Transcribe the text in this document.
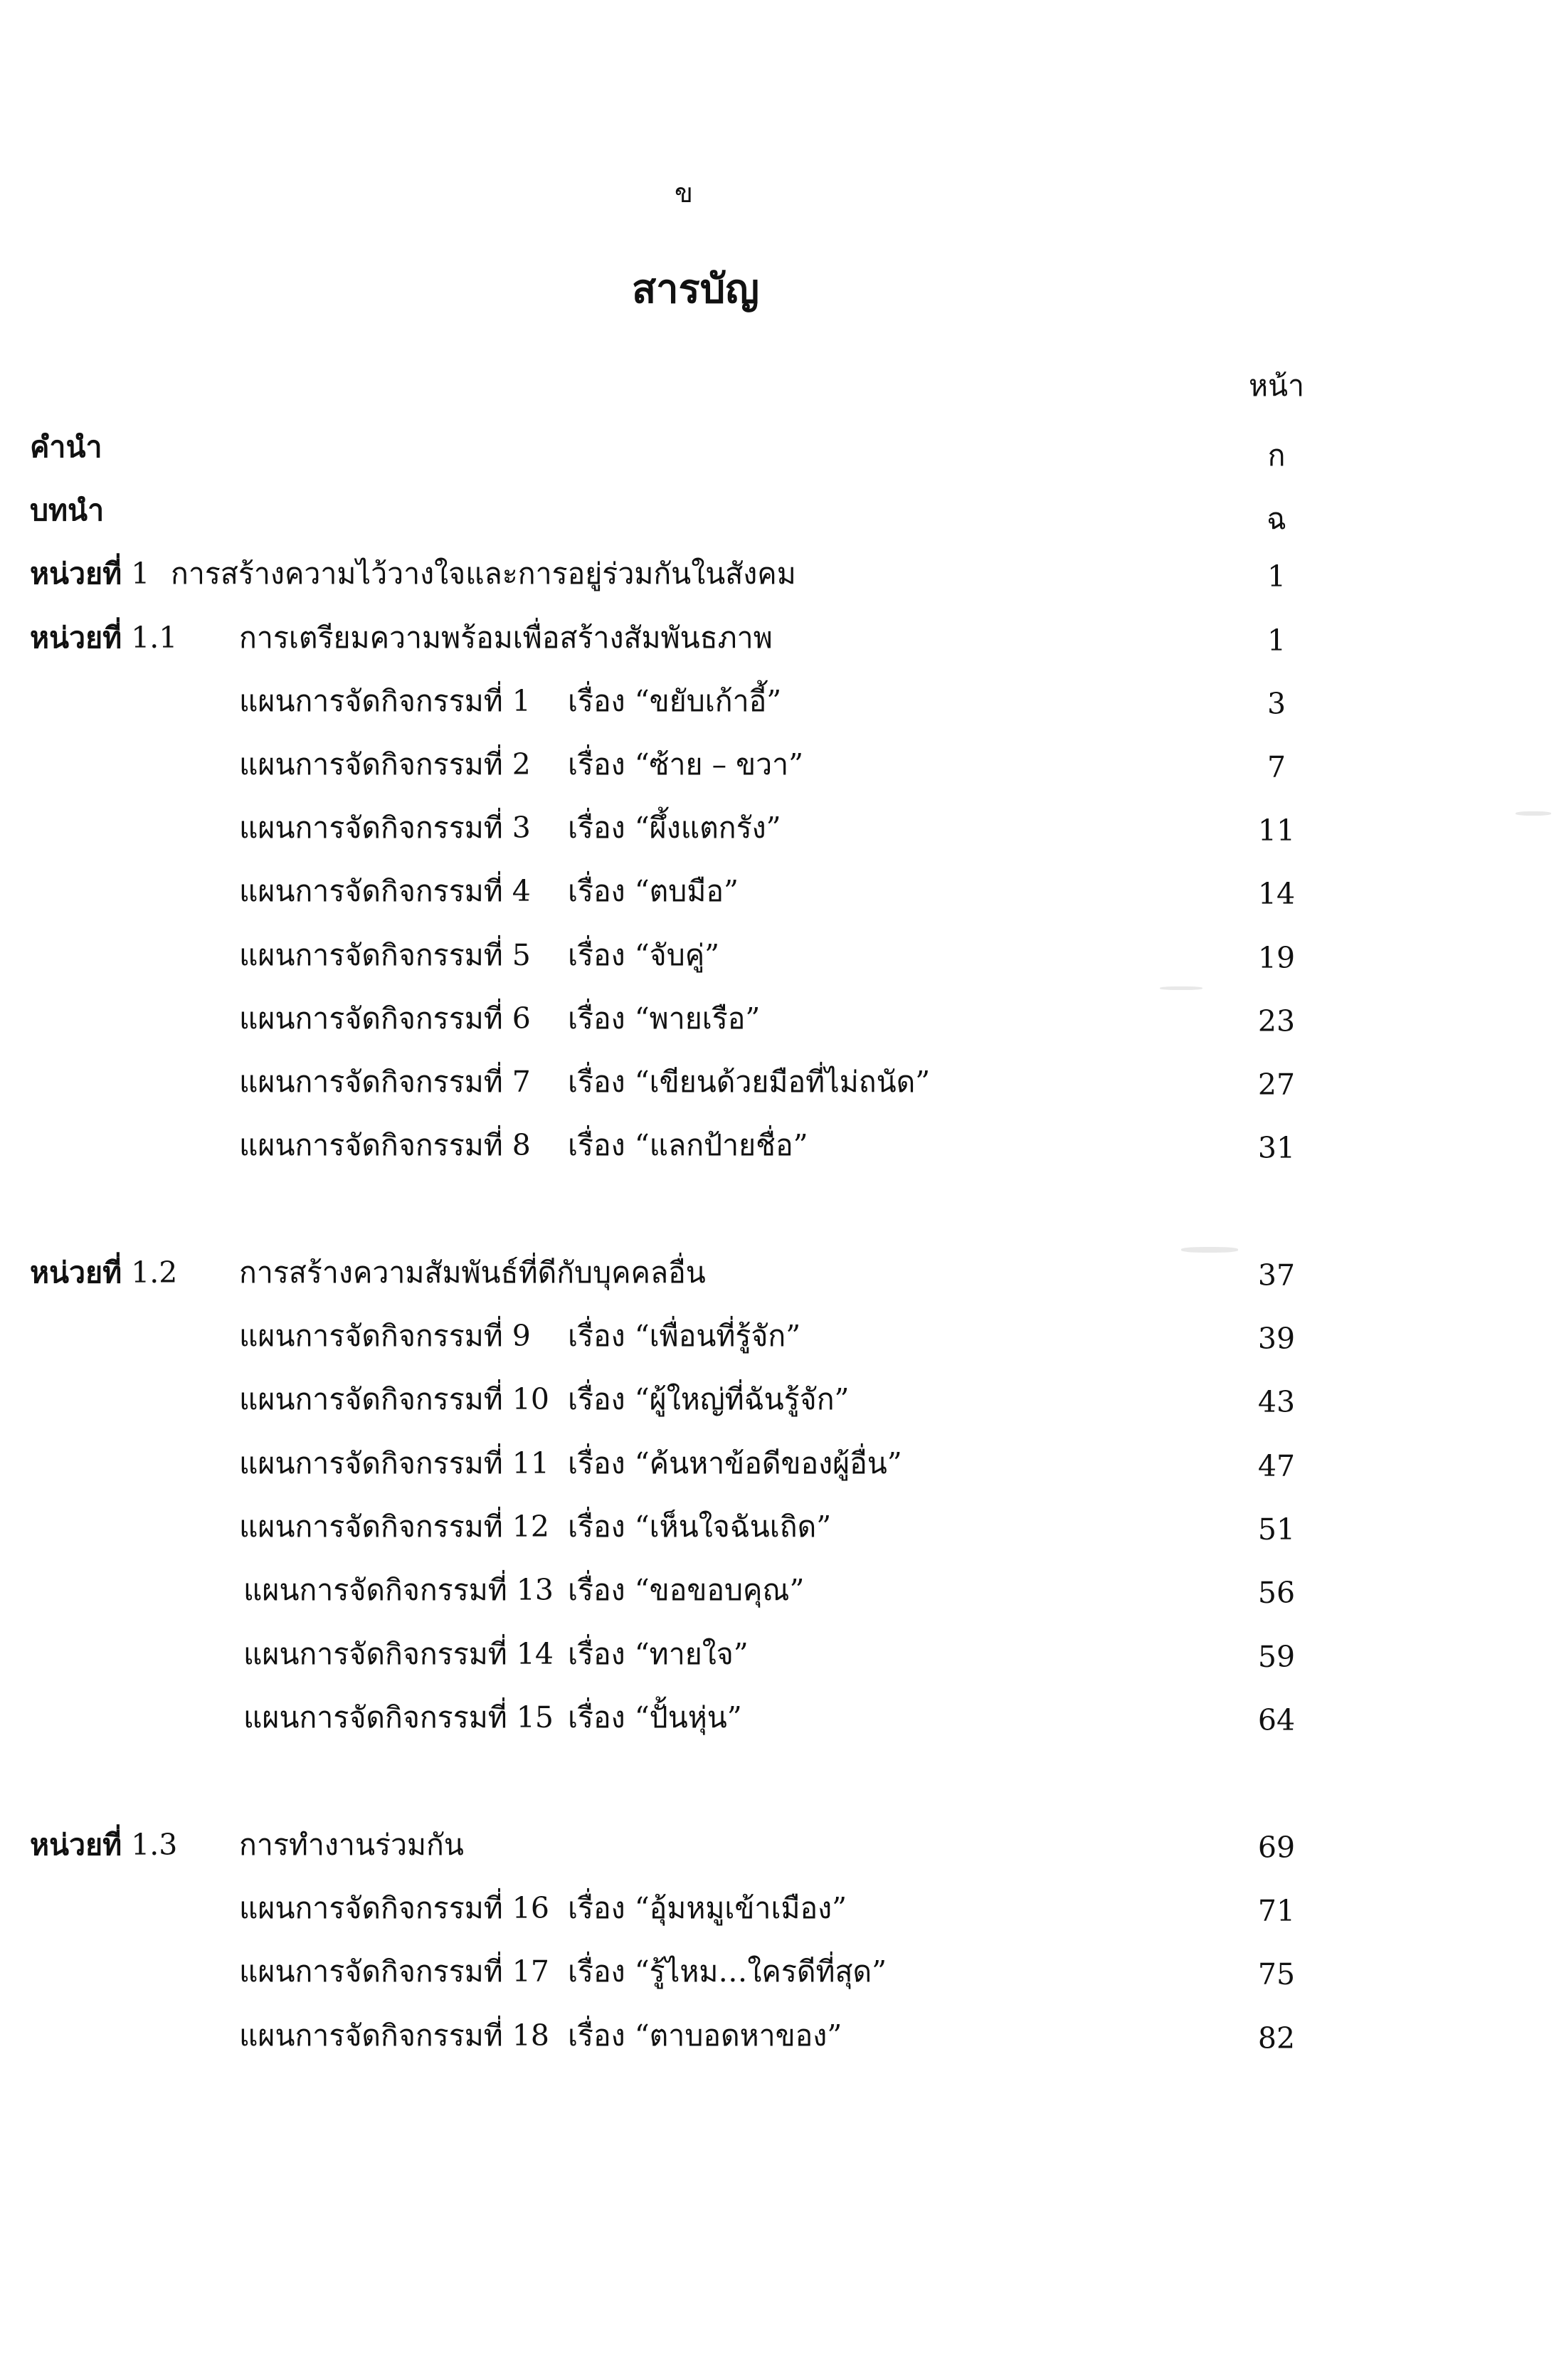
ข
สารบัญ
หน้า
คำนำ	ก
บทนำ	ฉ
หน่วยที่ 1 การสร้างความไว้วางใจและการอยู่ร่วมกันในสังคม	1
หน่วยที่ 1.1 การเตรียมความพร้อมเพื่อสร้างสัมพันธภาพ	1
แผนการจัดกิจกรรมที่ 1 เรื่อง “ขยับเก้าอี้”	3
แผนการจัดกิจกรรมที่ 2 เรื่อง “ซ้าย – ขวา”	7
แผนการจัดกิจกรรมที่ 3 เรื่อง “ผึ้งแตกรัง”	11
แผนการจัดกิจกรรมที่ 4 เรื่อง “ตบมือ”	14
แผนการจัดกิจกรรมที่ 5 เรื่อง “จับคู่”	19
แผนการจัดกิจกรรมที่ 6 เรื่อง “พายเรือ”	23
แผนการจัดกิจกรรมที่ 7 เรื่อง “เขียนด้วยมือที่ไม่ถนัด”	27
แผนการจัดกิจกรรมที่ 8 เรื่อง “แลกป้ายชื่อ”	31
หน่วยที่ 1.2 การสร้างความสัมพันธ์ที่ดีกับบุคคลอื่น	37
แผนการจัดกิจกรรมที่ 9 เรื่อง “เพื่อนที่รู้จัก”	39
แผนการจัดกิจกรรมที่ 10 เรื่อง “ผู้ใหญ่ที่ฉันรู้จัก”	43
แผนการจัดกิจกรรมที่ 11 เรื่อง “ค้นหาข้อดีของผู้อื่น”	47
แผนการจัดกิจกรรมที่ 12 เรื่อง “เห็นใจฉันเถิด”	51
แผนการจัดกิจกรรมที่ 13 เรื่อง “ขอขอบคุณ”	56
แผนการจัดกิจกรรมที่ 14 เรื่อง “ทายใจ”	59
แผนการจัดกิจกรรมที่ 15 เรื่อง “ปั้นหุ่น”	64
หน่วยที่ 1.3 การทำงานร่วมกัน	69
แผนการจัดกิจกรรมที่ 16 เรื่อง “อุ้มหมูเข้าเมือง”	71
แผนการจัดกิจกรรมที่ 17 เรื่อง “รู้ไหม…ใครดีที่สุด”	75
แผนการจัดกิจกรรมที่ 18 เรื่อง “ตาบอดหาของ”	82
